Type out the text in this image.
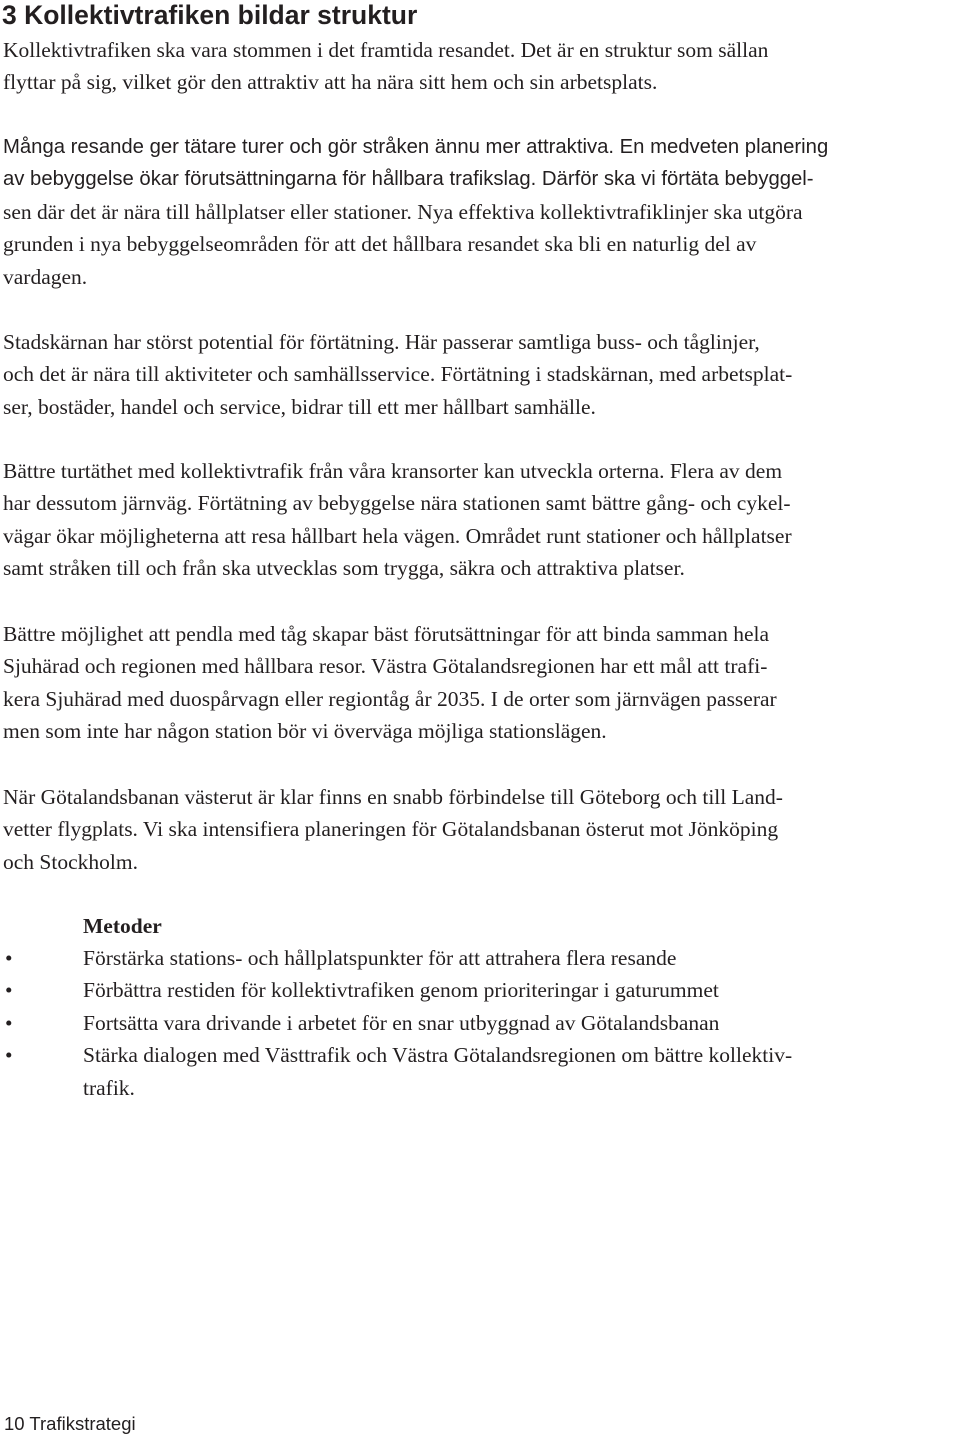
3 Kollektivtrafiken bildar struktur

Kollektivtrafiken ska vara stommen i det framtida resandet. Det är en struktur som sällan
flyttar på sig, vilket gör den attraktiv att ha nära sitt hem och sin arbetsplats.

Många resande ger tätare turer och gör stråken ännu mer attraktiva. En medveten planering
av bebyggelse ökar förutsättningarna för hållbara trafikslag. Därför ska vi förtäta bebyggel-
sen där det är nära till hållplatser eller stationer. Nya effektiva kollektivtrafiklinjer ska utgöra
grunden i nya bebyggelseområden för att det hållbara resandet ska bli en naturlig del av
vardagen.

Stadskärnan har störst potential för förtätning. Här passerar samtliga buss- och tåglinjer,
och det är nära till aktiviteter och samhällsservice. Förtätning i stadskärnan, med arbetsplat-
ser, bostäder, handel och service, bidrar till ett mer hållbart samhälle.

Bättre turtäthet med kollektivtrafik från våra kransorter kan utveckla orterna. Flera av dem
har dessutom järnväg. Förtätning av bebyggelse nära stationen samt bättre gång- och cykel-
vägar ökar möjligheterna att resa hållbart hela vägen. Området runt stationer och hållplatser
samt stråken till och från ska utvecklas som trygga, säkra och attraktiva platser.

Bättre möjlighet att pendla med tåg skapar bäst förutsättningar för att binda samman hela
Sjuhärad och regionen med hållbara resor. Västra Götalandsregionen har ett mål att trafi-
kera Sjuhärad med duospårvagn eller regiontåg år 2035. I de orter som järnvägen passerar
men som inte har någon station bör vi överväga möjliga stationslägen.

När Götalandsbanan västerut är klar finns en snabb förbindelse till Göteborg och till Land-
vetter flygplats. Vi ska intensifiera planeringen för Götalandsbanan österut mot Jönköping
och Stockholm.

Metoder

•	Förstärka stations- och hållplatspunkter för att attrahera flera resande
•	Förbättra restiden för kollektivtrafiken genom prioriteringar i gaturummet
•	Fortsätta vara drivande i arbetet för en snar utbyggnad av Götalandsbanan
•	Stärka dialogen med Västtrafik och Västra Götalandsregionen om bättre kollektiv-
trafik.

10 Trafikstrategi
